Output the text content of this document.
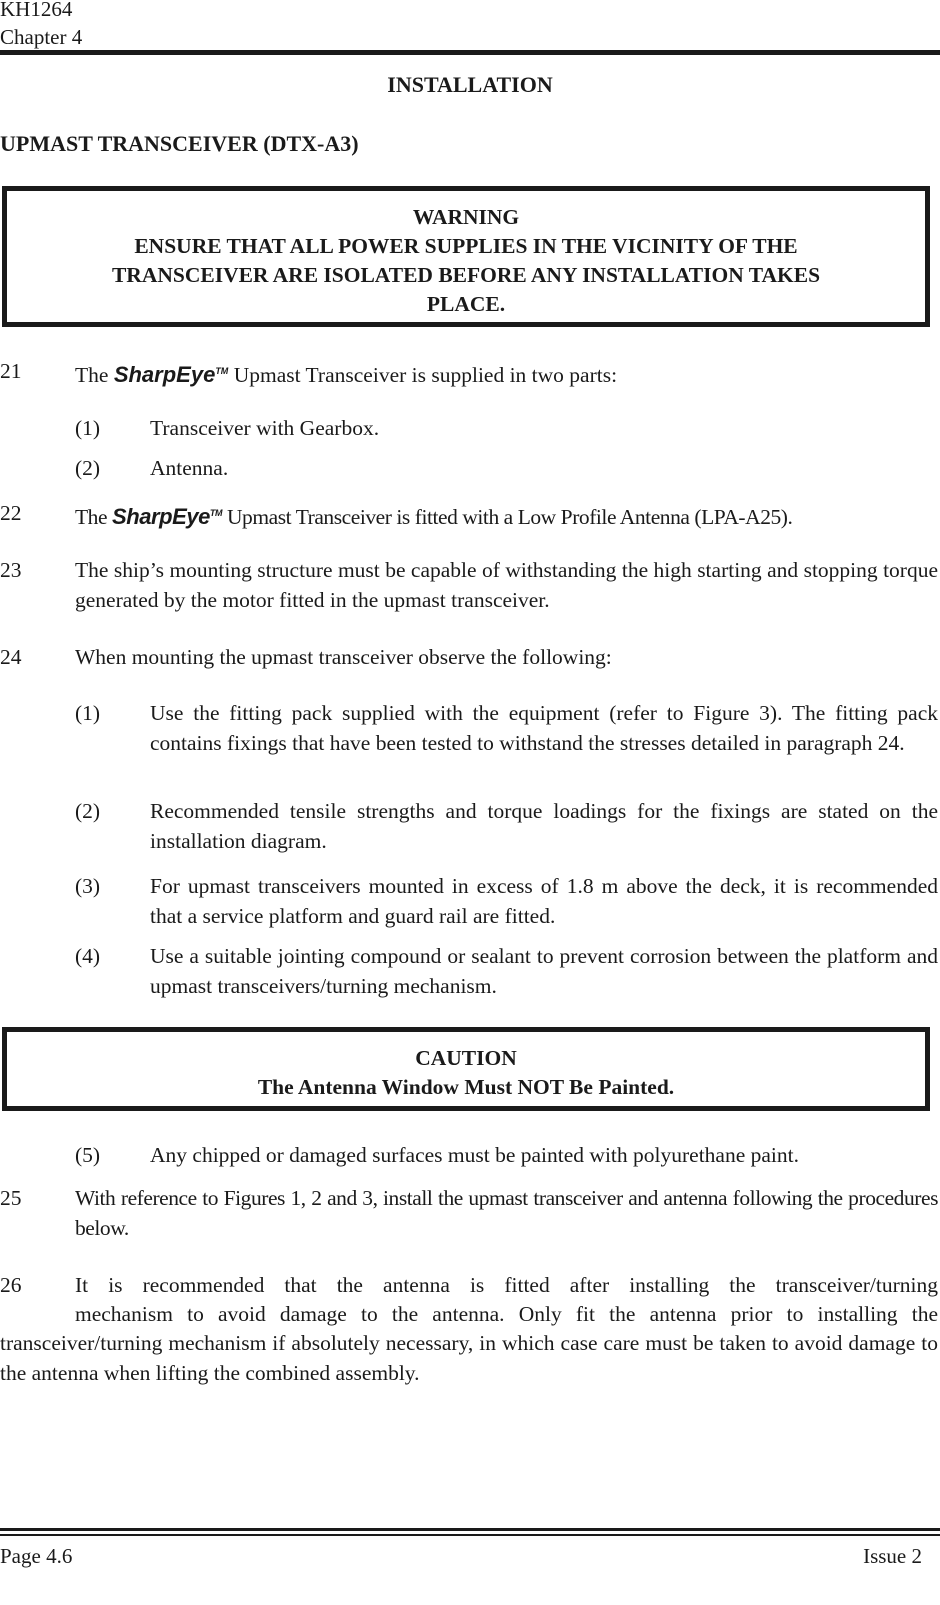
KH1264
Chapter 4
INSTALLATION
UPMAST TRANSCEIVER (DTX-A3)
WARNING
ENSURE THAT ALL POWER SUPPLIES IN THE VICINITY OF THE
TRANSCEIVER ARE ISOLATED BEFORE ANY INSTALLATION TAKES
PLACE.
21 The SharpEye™ Upmast Transceiver is supplied in two parts:
(1) Transceiver with Gearbox.
(2) Antenna.
22 The SharpEye™ Upmast Transceiver is fitted with a Low Profile Antenna (LPA-A25).
23 The ship’s mounting structure must be capable of withstanding the high starting and stopping torque generated by the motor fitted in the upmast transceiver.
24 When mounting the upmast transceiver observe the following:
(1) Use the fitting pack supplied with the equipment (refer to Figure 3). The fitting pack contains fixings that have been tested to withstand the stresses detailed in paragraph 24.
(2) Recommended tensile strengths and torque loadings for the fixings are stated on the installation diagram.
(3) For upmast transceivers mounted in excess of 1.8 m above the deck, it is recommended that a service platform and guard rail are fitted.
(4) Use a suitable jointing compound or sealant to prevent corrosion between the platform and upmast transceivers/turning mechanism.
CAUTION
The Antenna Window Must NOT Be Painted.
(5) Any chipped or damaged surfaces must be painted with polyurethane paint.
25 With reference to Figures 1, 2 and 3, install the upmast transceiver and antenna following the procedures below.
26 It is recommended that the antenna is fitted after installing the transceiver/turning
mechanism to avoid damage to the antenna. Only fit the antenna prior to installing the
transceiver/turning mechanism if absolutely necessary, in which case care must be taken to avoid damage to the antenna when lifting the combined assembly.
Page 4.6	Issue 2
